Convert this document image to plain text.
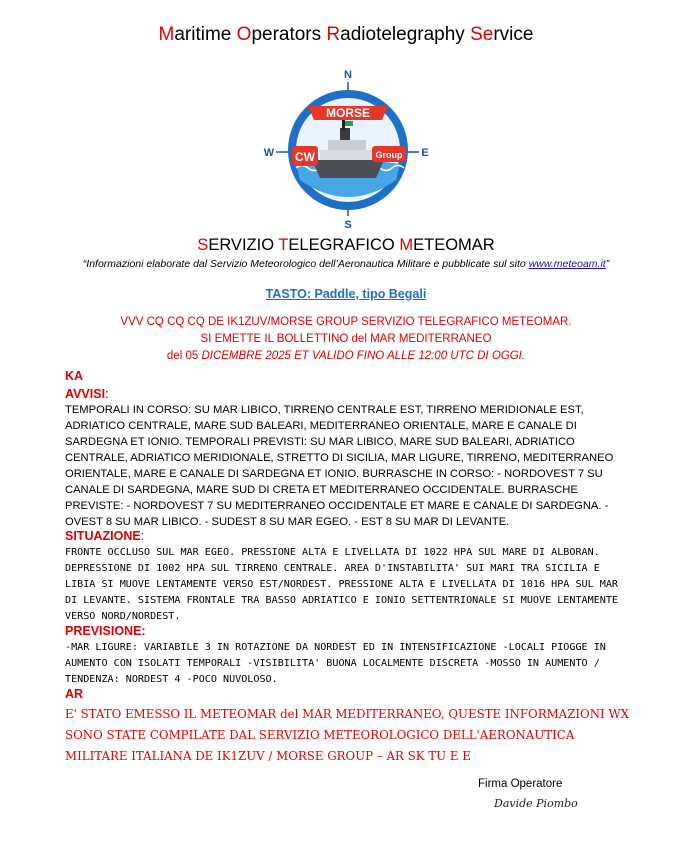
Maritime Operators Radiotelegraphy Service
N
S
E
W
MORSE
CW	Group
SERVIZIO TELEGRAFICO METEOMAR
“Informazioni elaborate dal Servizio Meteorologico dell’Aeronautica Militare e pubblicate sul sito www.meteoam.it”
TASTO: Paddle, tipo Begali
VVV CQ CQ CQ DE IK1ZUV/MORSE GROUP SERVIZIO TELEGRAFICO METEOMAR.
SI EMETTE IL BOLLETTINO del MAR MEDITERRANEO
del 05 DICEMBRE 2025 ET VALIDO FINO ALLE 12:00 UTC DI OGGI.
KA
AVVISI:

TEMPORALI IN CORSO: SU MAR LIBICO, TIRRENO CENTRALE EST, TIRRENO MERIDIONALE EST, ADRIATICO CENTRALE, MARE SUD BALEARI, MEDITERRANEO ORIENTALE, MARE E CANALE DI SARDEGNA ET IONIO. TEMPORALI PREVISTI: SU MAR LIBICO, MARE SUD BALEARI, ADRIATICO CENTRALE, ADRIATICO MERIDIONALE, STRETTO DI SICILIA, MAR LIGURE, TIRRENO, MEDITERRANEO ORIENTALE, MARE E CANALE DI SARDEGNA ET IONIO. BURRASCHE IN CORSO: - NORDOVEST 7 SU CANALE DI SARDEGNA, MARE SUD DI CRETA ET MEDITERRANEO OCCIDENTALE. BURRASCHE PREVISTE: - NORDOVEST 7 SU MEDITERRANEO OCCIDENTALE ET MARE E CANALE DI SARDEGNA. - OVEST 8 SU MAR LIBICO. - SUDEST 8 SU MAR EGEO. - EST 8 SU MAR DI LEVANTE.

SITUAZIONE:

FRONTE OCCLUSO SUL MAR EGEO. PRESSIONE ALTA E LIVELLATA DI 1022 HPA SUL MARE DI ALBORAN. DEPRESSIONE DI 1002 HPA SUL TIRRENO CENTRALE. AREA D'INSTABILITA' SUI MARI TRA SICILIA E LIBIA SI MUOVE LENTAMENTE VERSO EST/NORDEST. PRESSIONE ALTA E LIVELLATA DI 1016 HPA SUL MAR DI LEVANTE. SISTEMA FRONTALE TRA BASSO ADRIATICO E IONIO SETTENTRIONALE SI MUOVE LENTAMENTE VERSO NORD/NORDEST.

PREVISIONE:

-MAR LIGURE: VARIABILE 3 IN ROTAZIONE DA NORDEST ED IN INTENSIFICAZIONE -LOCALI PIOGGE IN AUMENTO CON ISOLATI TEMPORALI -VISIBILITA' BUONA LOCALMENTE DISCRETA -MOSSO IN AUMENTO / TENDENZA: NORDEST 4 -POCO NUVOLOSO.

AR

E' STATO EMESSO IL METEOMAR del MAR MEDITERRANEO, QUESTE INFORMAZIONI WX SONO STATE COMPILATE DAL SERVIZIO METEOROLOGICO DELL'AERONAUTICA MILITARE ITALIANA DE IK1ZUV / MORSE GROUP – AR SK TU E E

Firma Operatore
Davide Piombo
